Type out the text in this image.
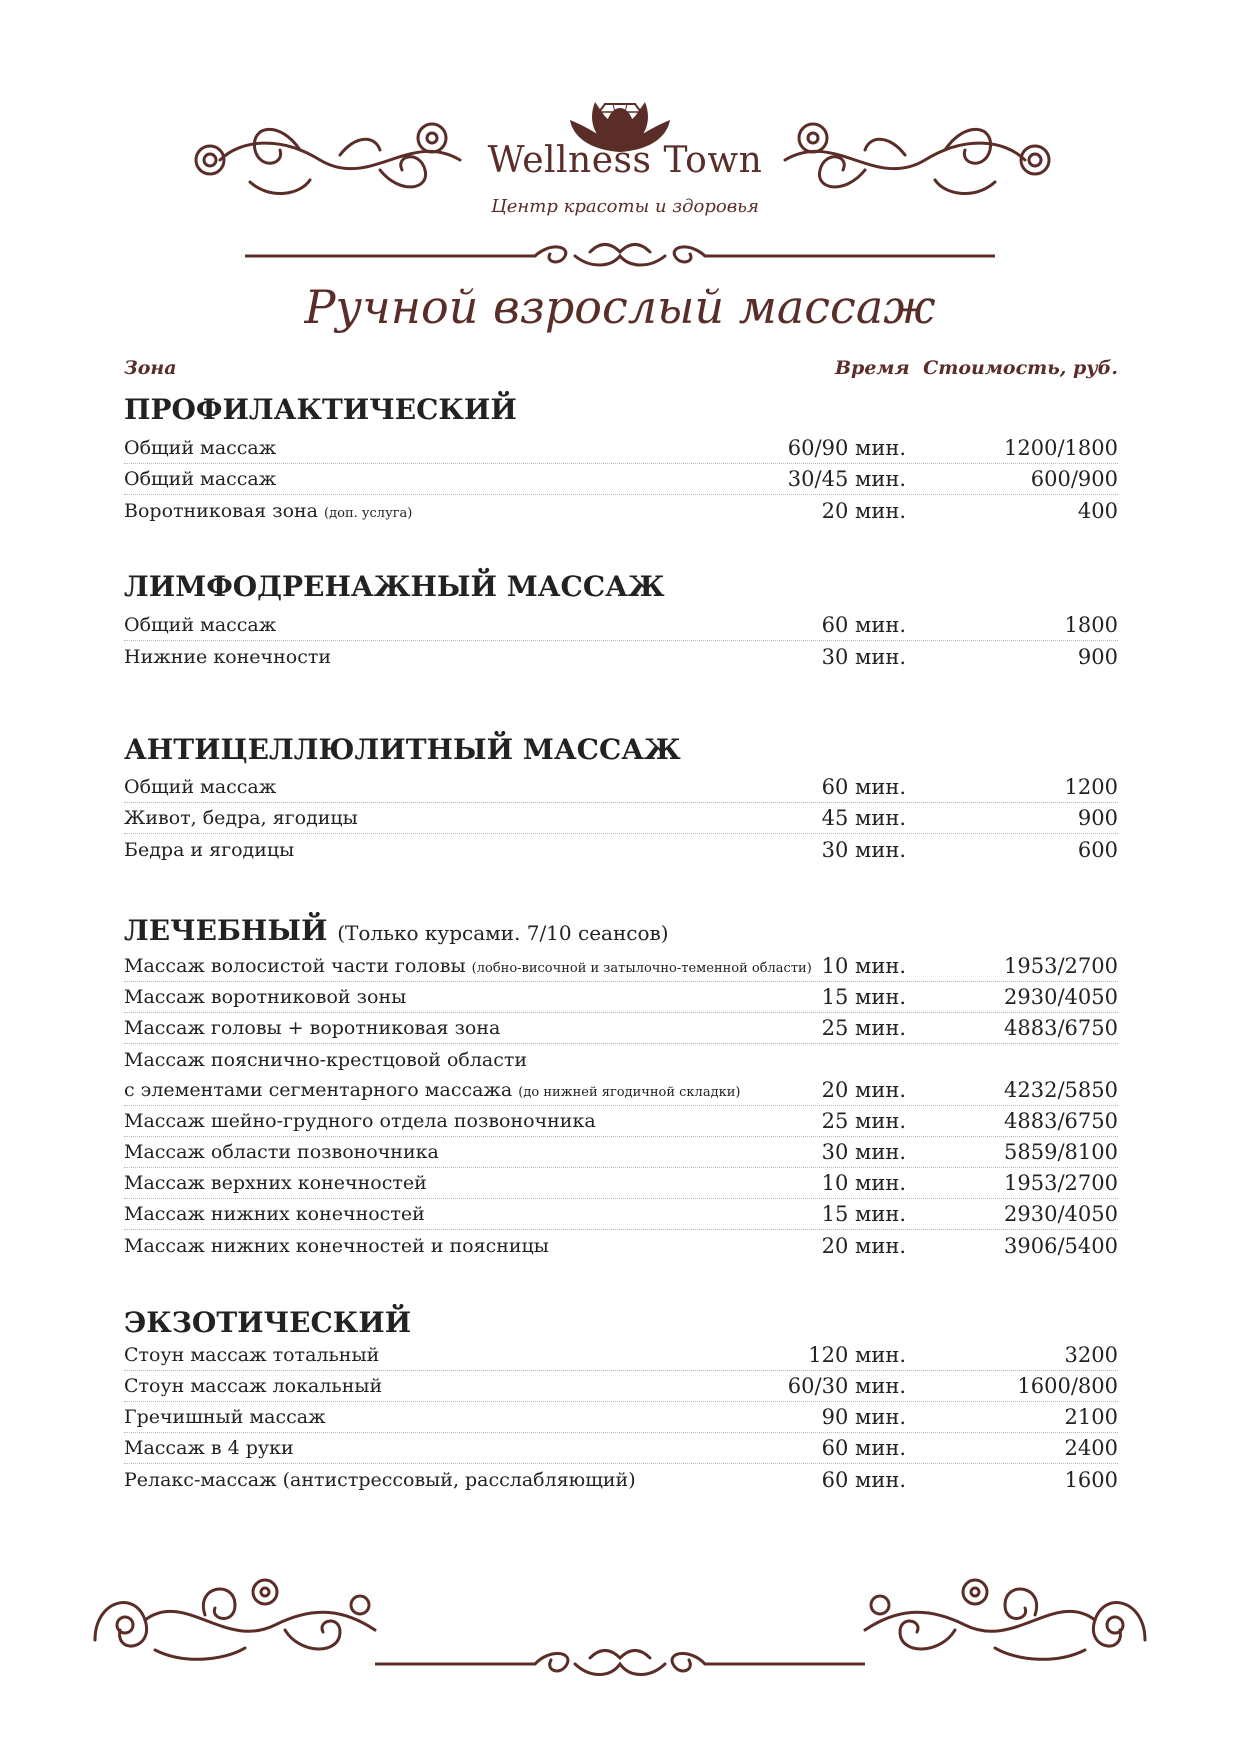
Wellness Town
Центр красоты и здоровья
Ручной взрослый массаж
Зона	Время Стоимость, руб.
ПРОФИЛАКТИЧЕСКИЙ
Общий массаж	60/90 мин.	1200/1800
Общий массаж	30/45 мин.	600/900
Воротниковая зона (доп. услуга)	20 мин.	400
ЛИМФОДРЕНАЖНЫЙ МАССАЖ
Общий массаж	60 мин.	1800
Нижние конечности	30 мин.	900
АНТИЦЕЛЛЮЛИТНЫЙ МАССАЖ
Общий массаж	60 мин.	1200
Живот, бедра, ягодицы	45 мин.	900
Бедра и ягодицы	30 мин.	600
ЛЕЧЕБНЫЙ (Только курсами. 7/10 сеансов)
Массаж волосистой части головы (лобно-височной и затылочно-теменной области) 10 мин.	1953/2700
Массаж воротниковой зоны	15 мин.	2930/4050
Массаж головы + воротниковая зона	25 мин.	4883/6750
Массаж пояснично-крестцовой области
с элементами сегментарного массажа (до нижней ягодичной складки)	20 мин.	4232/5850
Массаж шейно-грудного отдела позвоночника	25 мин.	4883/6750
Массаж области позвоночника	30 мин.	5859/8100
Массаж верхних конечностей	10 мин.	1953/2700
Массаж нижних конечностей	15 мин.	2930/4050
Массаж нижних конечностей и поясницы	20 мин.	3906/5400
ЭКЗОТИЧЕСКИЙ
Стоун массаж тотальный	120 мин.	3200
Стоун массаж локальный	60/30 мин.	1600/800
Гречишный массаж	90 мин.	2100
Массаж в 4 руки	60 мин.	2400
Релакс-массаж (антистрессовый, расслабляющий)	60 мин.	1600
